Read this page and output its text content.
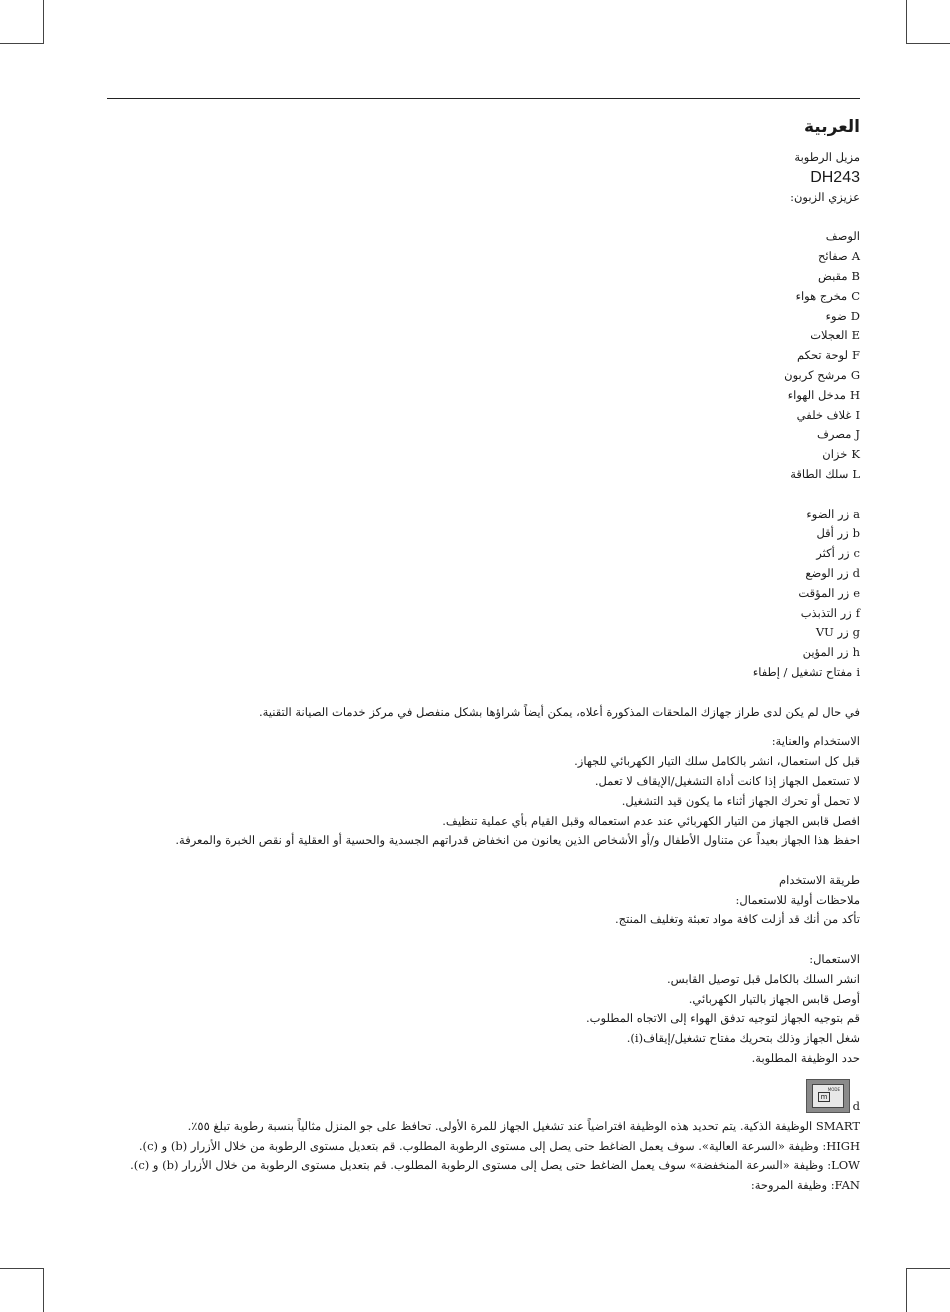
العربية
مزيل الرطوبة
DH243
عزيزي الزبون:
الوصف
Aصفائح
Bمقبض
Cمخرج هواء
Dضوء
Eالعجلات
Fلوحة تحكم
Gمرشح كربون
Hمدخل الهواء
Iغلاف خلفي
Jمصرف
Kخزان
Lسلك الطاقة
aزر الضوء
bزر أقل
cزر أكثر
dزر الوضع
eزر المؤقت
fزر التذبذب
gزر VU
hزر المؤين
iمفتاح تشغيل / إطفاء
في حال لم يكن لدى طراز جهازك الملحقات المذكورة أعلاه، يمكن أيضاً شراؤها بشكل منفصل في مركز خدمات الصيانة التقنية.
الاستخدام والعناية:
قبل كل استعمال، انشر بالكامل سلك التيار الكهربائي للجهاز.
لا تستعمل الجهاز إذا كانت أداة التشغيل/الإيقاف لا تعمل.
لا تحمل أو تحرك الجهاز أثناء ما يكون قيد التشغيل.
افصل قابس الجهاز من التيار الكهربائي عند عدم استعماله وقبل القيام بأي عملية تنظيف.
احفظ هذا الجهاز بعيداً عن متناول الأطفال و/أو الأشخاص الذين يعانون من انخفاض قدراتهم الجسدية والحسية أو العقلية أو نقص الخبرة والمعرفة.
طريقة الاستخدام
ملاحظات أولية للاستعمال:
تأكد من أنك قد أزلت كافة مواد تعبئة وتغليف المنتج.
الاستعمال:
انشر السلك بالكامل قبل توصيل القابس.
أوصل قابس الجهاز بالتيار الكهربائي.
قم بتوجيه الجهاز لتوجيه تدفق الهواء إلى الاتجاه المطلوب.
شغل الجهاز وذلك بتحريك مفتاح تشغيل/إيقاف(i).
حدد الوظيفة المطلوبة.
MODE
m
d
SMART الوظيفة الذكية. يتم تحديد هذه الوظيفة افتراضياً عند تشغيل الجهاز للمرة الأولى. تحافظ على جو المنزل مثالياً بنسبة رطوبة تبلغ ٥٥٪.
HIGH: وظيفة «السرعة العالية». سوف يعمل الضاغط حتى يصل إلى مستوى الرطوبة المطلوب. قم بتعديل مستوى الرطوبة من خلال الأزرار (b) و (c).
LOW: وظيفة «السرعة المنخفضة» سوف يعمل الضاغط حتى يصل إلى مستوى الرطوبة المطلوب. قم بتعديل مستوى الرطوبة من خلال الأزرار (b) و (c).
FAN: وظيفة المروحة:
